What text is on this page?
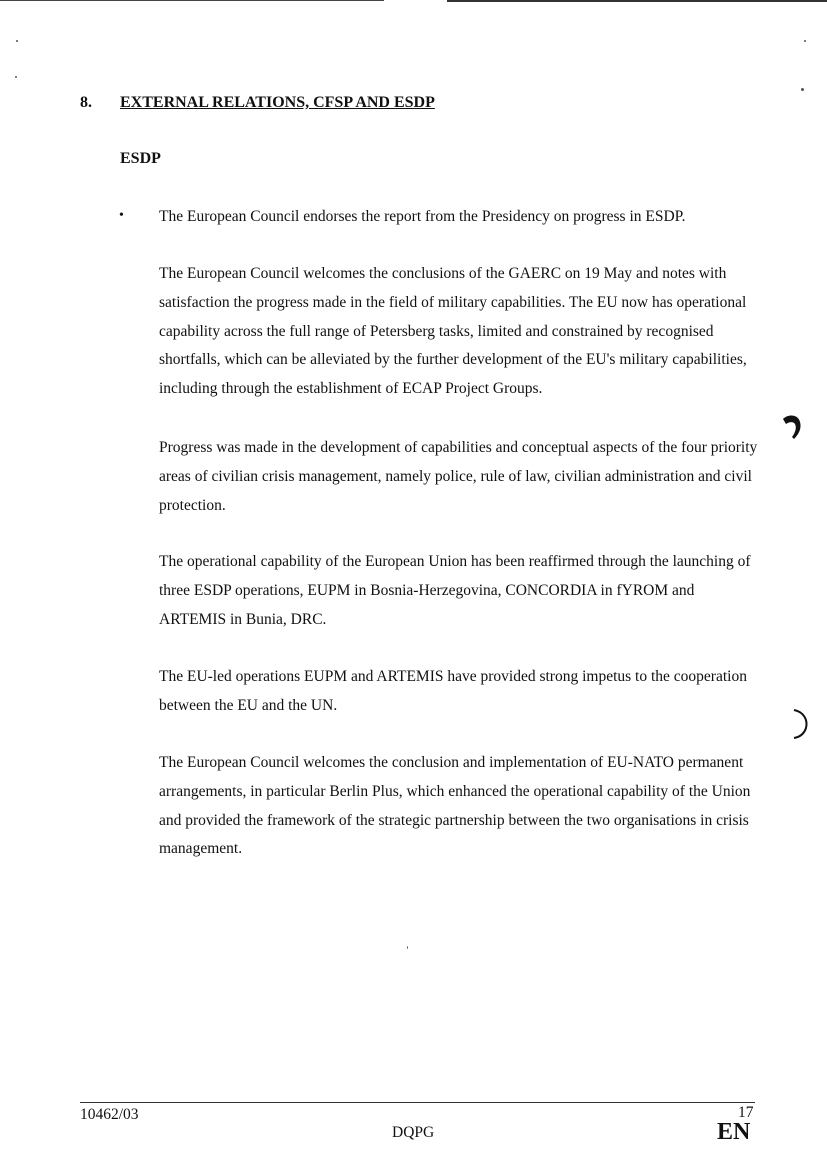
8. EXTERNAL RELATIONS, CFSP AND ESDP
ESDP
• The European Council endorses the report from the Presidency on progress in ESDP.

The European Council welcomes the conclusions of the GAERC on 19 May and notes with satisfaction the progress made in the field of military capabilities. The EU now has operational capability across the full range of Petersberg tasks, limited and constrained by recognised shortfalls, which can be alleviated by the further development of the EU's military capabilities, including through the establishment of ECAP Project Groups.

Progress was made in the development of capabilities and conceptual aspects of the four priority areas of civilian crisis management, namely police, rule of law, civilian administration and civil protection.

The operational capability of the European Union has been reaffirmed through the launching of three ESDP operations, EUPM in Bosnia-Herzegovina, CONCORDIA in fYROM and ARTEMIS in Bunia, DRC.

The EU-led operations EUPM and ARTEMIS have provided strong impetus to the cooperation between the EU and the UN.

The European Council welcomes the conclusion and implementation of EU-NATO permanent arrangements, in particular Berlin Plus, which enhanced the operational capability of the Union and provided the framework of the strategic partnership between the two organisations in crisis management.

10462/03
DQPG
17
EN
